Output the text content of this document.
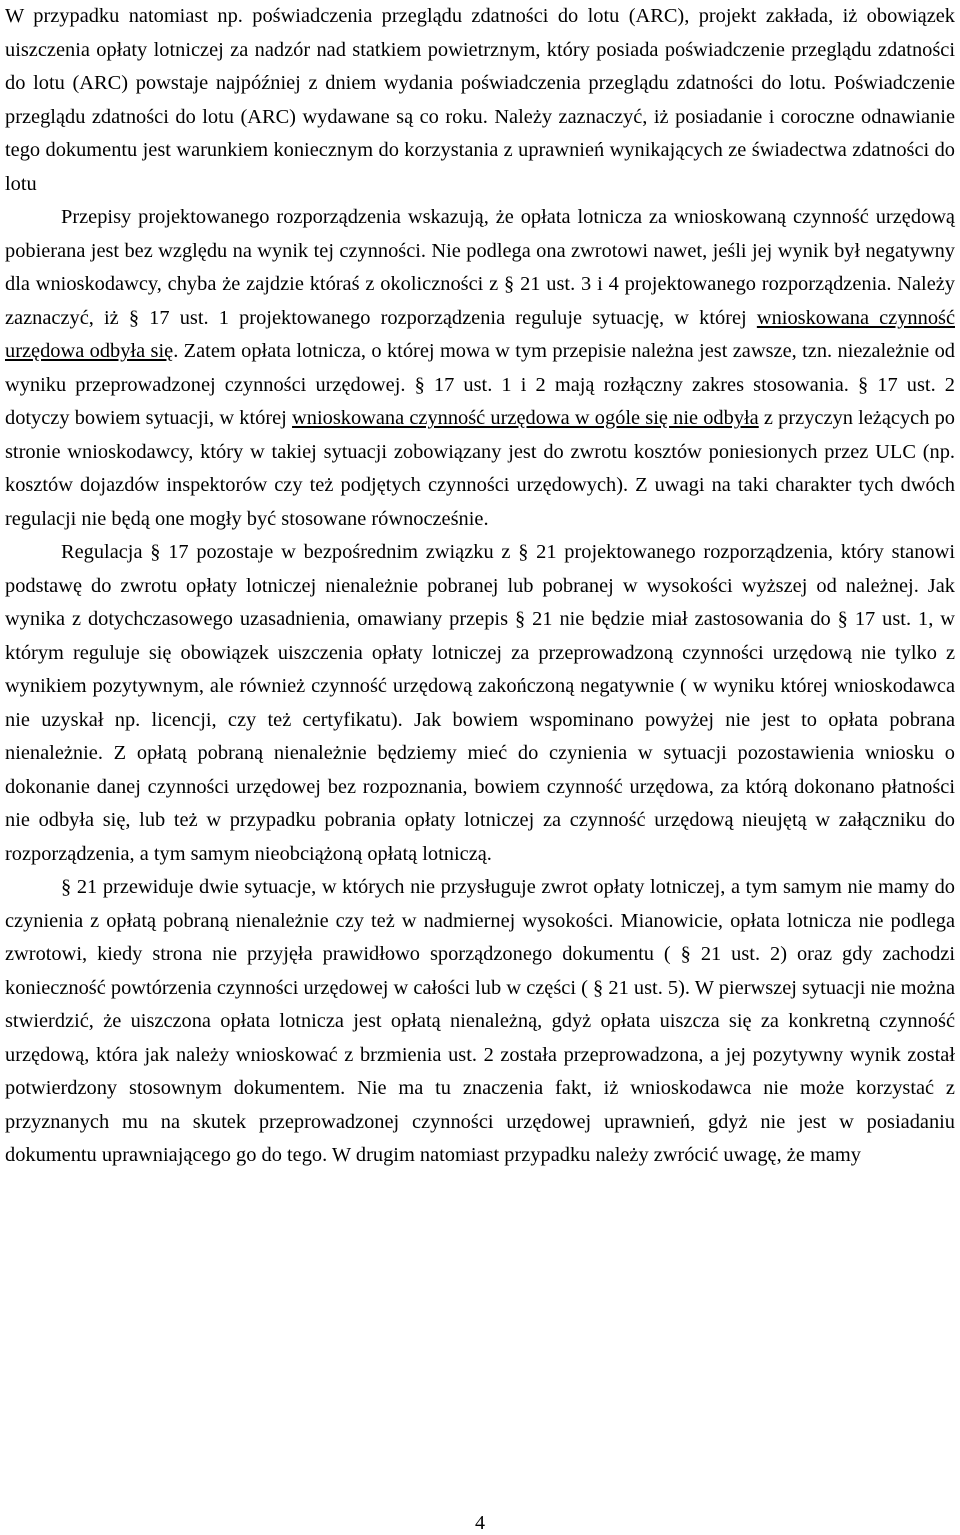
W przypadku natomiast np. poświadczenia przeglądu zdatności do lotu (ARC), projekt zakłada, iż obowiązek uiszczenia opłaty lotniczej za nadzór nad statkiem powietrznym, który posiada poświadczenie przeglądu zdatności do lotu (ARC) powstaje najpóźniej z dniem wydania poświadczenia przeglądu zdatności do lotu. Poświadczenie przeglądu zdatności do lotu (ARC) wydawane są co roku. Należy zaznaczyć, iż posiadanie i coroczne odnawianie tego dokumentu jest warunkiem koniecznym do korzystania z uprawnień wynikających ze świadectwa zdatności do lotu

Przepisy projektowanego rozporządzenia wskazują, że opłata lotnicza za wnioskowaną czynność urzędową pobierana jest bez względu na wynik tej czynności. Nie podlega ona zwrotowi nawet, jeśli jej wynik był negatywny dla wnioskodawcy, chyba że zajdzie któraś z okoliczności z § 21 ust. 3 i 4 projektowanego rozporządzenia. Należy zaznaczyć, iż § 17 ust. 1 projektowanego rozporządzenia reguluje sytuację, w której wnioskowana czynność urzędowa odbyła się. Zatem opłata lotnicza, o której mowa w tym przepisie należna jest zawsze, tzn. niezależnie od wyniku przeprowadzonej czynności urzędowej. § 17 ust. 1 i 2 mają rozłączny zakres stosowania. § 17 ust. 2 dotyczy bowiem sytuacji, w której wnioskowana czynność urzędowa w ogóle się nie odbyła z przyczyn leżących po stronie wnioskodawcy, który w takiej sytuacji zobowiązany jest do zwrotu kosztów poniesionych przez ULC (np. kosztów dojazdów inspektorów czy też podjętych czynności urzędowych). Z uwagi na taki charakter tych dwóch regulacji nie będą one mogły być stosowane równocześnie.

Regulacja § 17 pozostaje w bezpośrednim związku z § 21 projektowanego rozporządzenia, który stanowi podstawę do zwrotu opłaty lotniczej nienależnie pobranej lub pobranej w wysokości wyższej od należnej. Jak wynika z dotychczasowego uzasadnienia, omawiany przepis § 21 nie będzie miał zastosowania do § 17 ust. 1, w którym reguluje się obowiązek uiszczenia opłaty lotniczej za przeprowadzoną czynności urzędową nie tylko z wynikiem pozytywnym, ale również czynność urzędową zakończoną negatywnie ( w wyniku której wnioskodawca nie uzyskał np. licencji, czy też certyfikatu). Jak bowiem wspominano powyżej nie jest to opłata pobrana nienależnie. Z opłatą pobraną nienależnie będziemy mieć do czynienia w sytuacji pozostawienia wniosku o dokonanie danej czynności urzędowej bez rozpoznania, bowiem czynność urzędowa, za którą dokonano płatności nie odbyła się, lub też w przypadku pobrania opłaty lotniczej za czynność urzędową nieujętą w załączniku do rozporządzenia, a tym samym nieobciążoną opłatą lotniczą.

§ 21 przewiduje dwie sytuacje, w których nie przysługuje zwrot opłaty lotniczej, a tym samym nie mamy do czynienia z opłatą pobraną nienależnie czy też w nadmiernej wysokości. Mianowicie, opłata lotnicza nie podlega zwrotowi, kiedy strona nie przyjęła prawidłowo sporządzonego dokumentu ( § 21 ust. 2) oraz gdy zachodzi konieczność powtórzenia czynności urzędowej w całości lub w części ( § 21 ust. 5). W pierwszej sytuacji nie można stwierdzić, że uiszczona opłata lotnicza jest opłatą nienależną, gdyż opłata uiszcza się za konkretną czynność urzędową, która jak należy wnioskować z brzmienia ust. 2 została przeprowadzona, a jej pozytywny wynik został potwierdzony stosownym dokumentem. Nie ma tu znaczenia fakt, iż wnioskodawca nie może korzystać z przyznanych mu na skutek przeprowadzonej czynności urzędowej uprawnień, gdyż nie jest w posiadaniu dokumentu uprawniającego go do tego. W drugim natomiast przypadku należy zwrócić uwagę, że mamy

4
